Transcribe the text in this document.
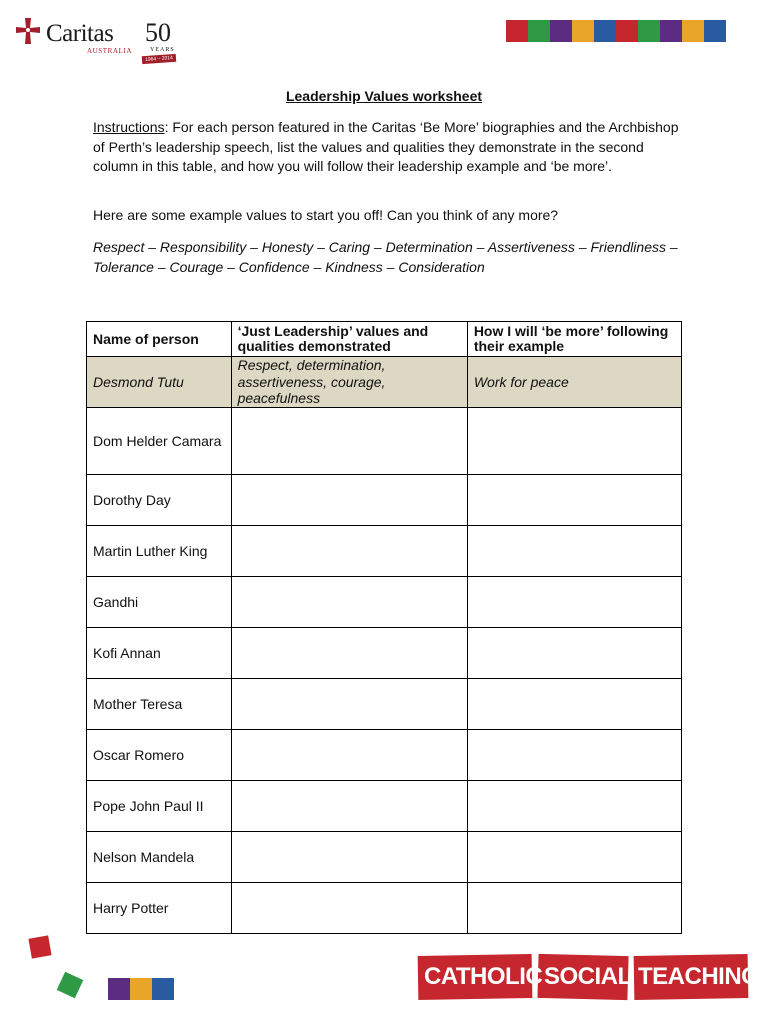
Caritas
AUSTRALIA
50
YEARS
1964 – 2014
Leadership Values worksheet
Instructions: For each person featured in the Caritas ‘Be More’ biographies and the Archbishop of Perth’s leadership speech, list the values and qualities they demonstrate in the second column in this table, and how you will follow their leadership example and ‘be more’.
Here are some example values to start you off! Can you think of any more?
Respect – Responsibility – Honesty – Caring – Determination – Assertiveness – Friendliness – Tolerance – Courage – Confidence – Kindness – Consideration
Name of person	‘Just Leadership’ values and qualities demonstrated	How I will ‘be more’ following their example
Desmond Tutu	Respect, determination, assertiveness, courage, peacefulness	Work for peace
Dom Helder Camara		
Dorothy Day		
Martin Luther King		
Gandhi		
Kofi Annan		
Mother Teresa		
Oscar Romero		
Pope John Paul II		
Nelson Mandela		
Harry Potter		
CATHOLIC SOCIAL TEACHING
